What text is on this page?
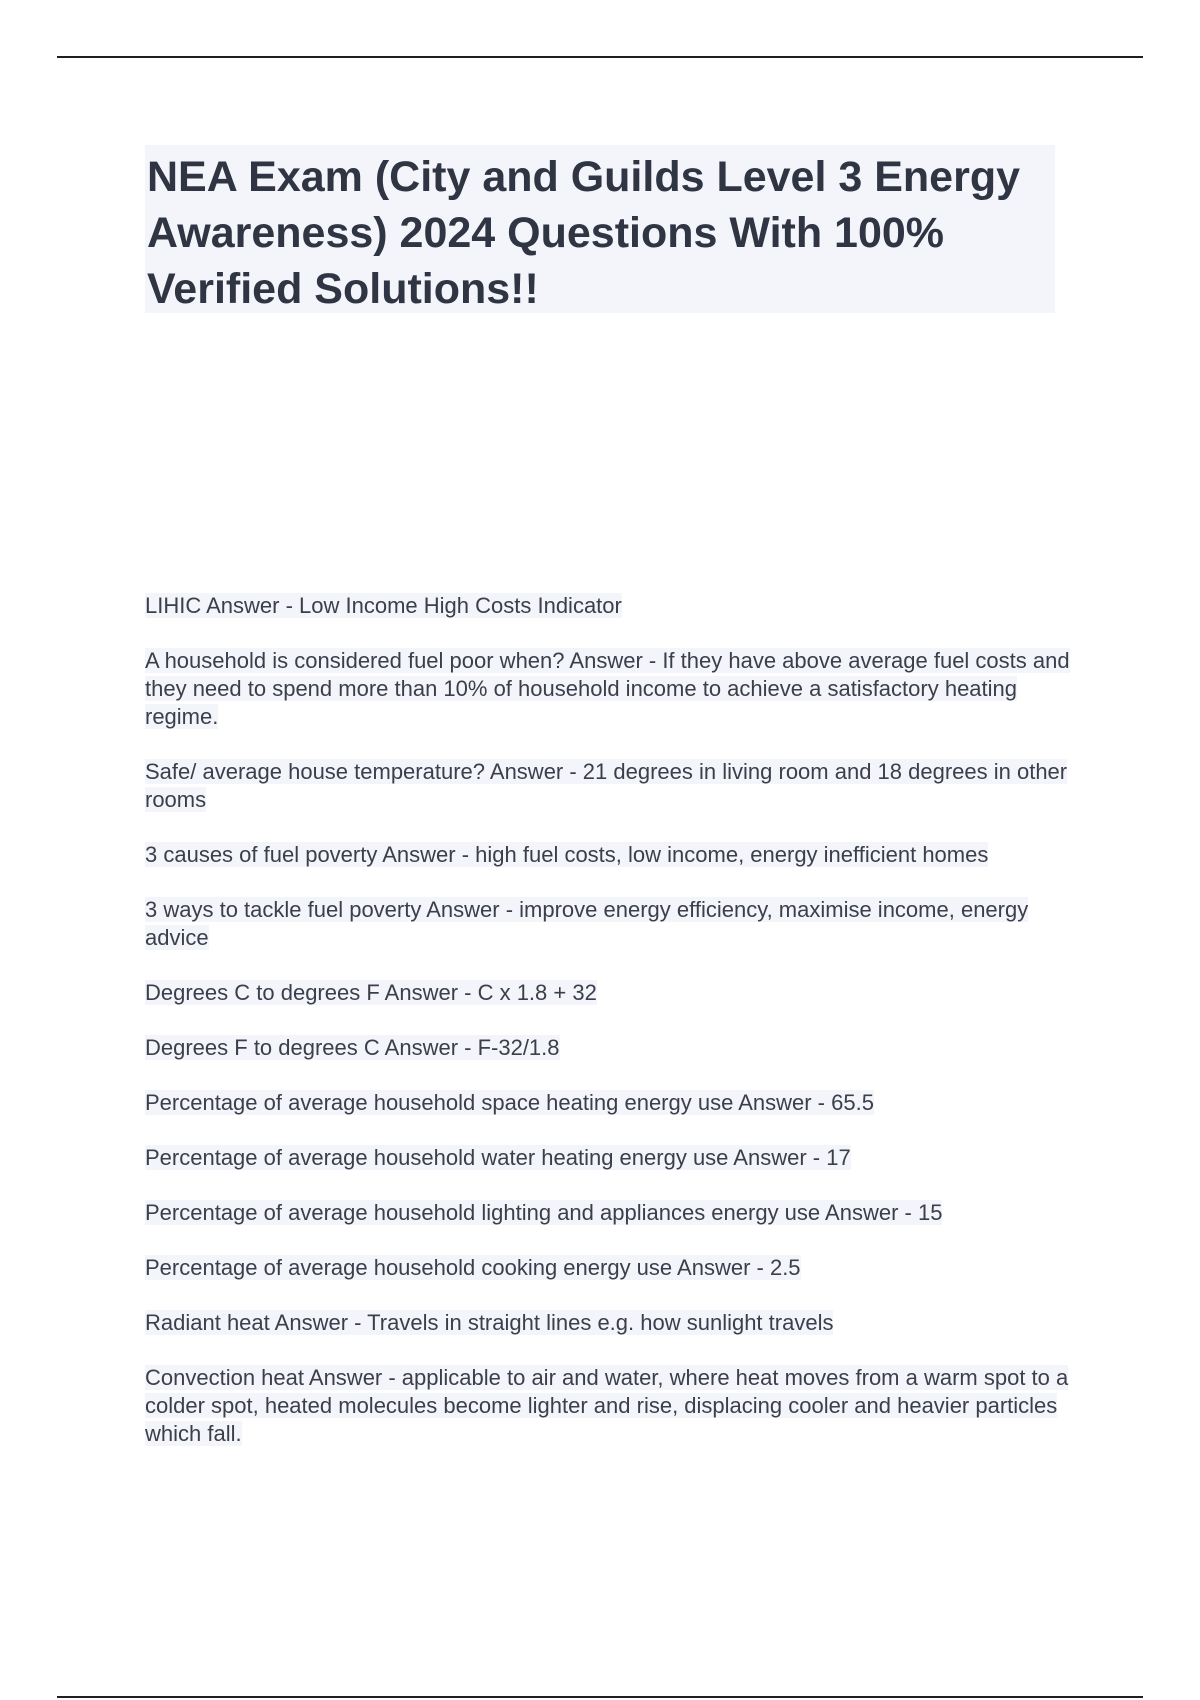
NEA Exam (City and Guilds Level 3 Energy Awareness) 2024 Questions With 100% Verified Solutions!!
LIHIC Answer - Low Income High Costs Indicator
A household is considered fuel poor when? Answer - If they have above average fuel costs and they need to spend more than 10% of household income to achieve a satisfactory heating regime.
Safe/ average house temperature? Answer - 21 degrees in living room and 18 degrees in other rooms
3 causes of fuel poverty Answer - high fuel costs, low income, energy inefficient homes
3 ways to tackle fuel poverty Answer - improve energy efficiency, maximise income, energy advice
Degrees C to degrees F Answer - C x 1.8 + 32
Degrees F to degrees C Answer - F-32/1.8
Percentage of average household space heating energy use Answer - 65.5
Percentage of average household water heating energy use Answer - 17
Percentage of average household lighting and appliances energy use Answer - 15
Percentage of average household cooking energy use Answer - 2.5
Radiant heat Answer - Travels in straight lines e.g. how sunlight travels
Convection heat Answer - applicable to air and water, where heat moves from a warm spot to a colder spot, heated molecules become lighter and rise, displacing cooler and heavier particles which fall.
